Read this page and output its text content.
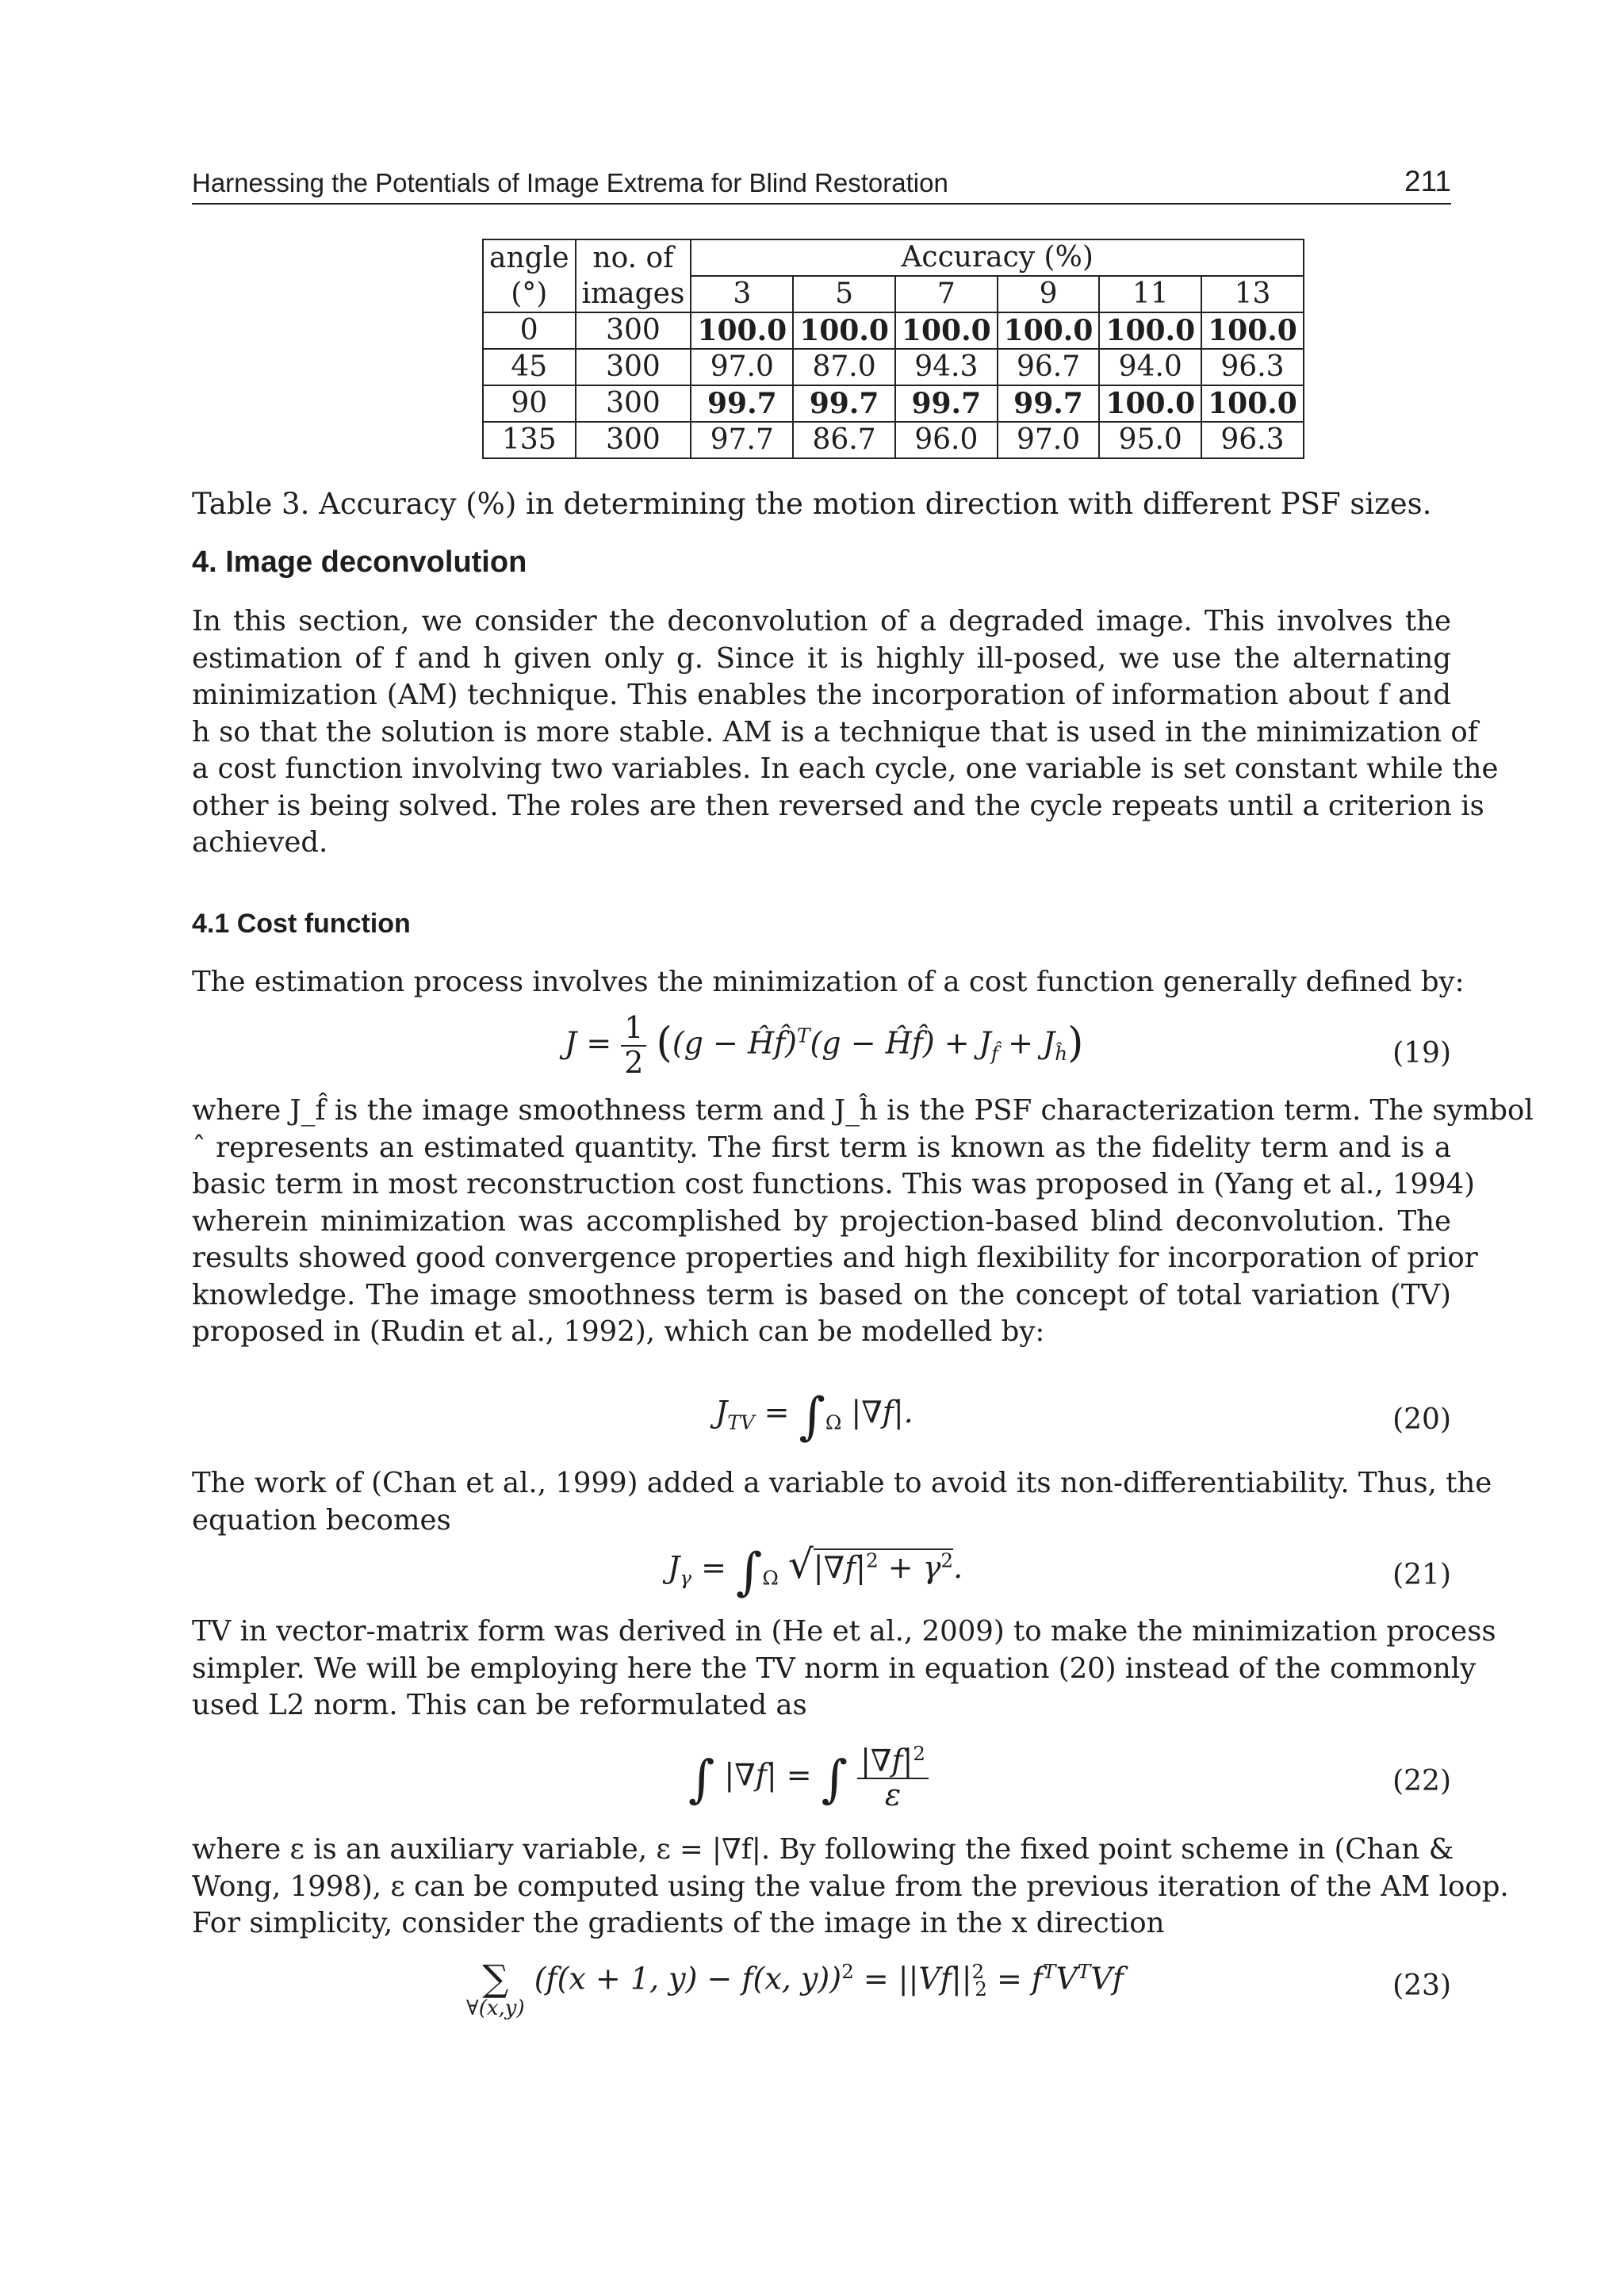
Harnessing the Potentials of Image Extrema for Blind Restoration	211
angle	no. of	Accuracy (%)					
(°)	images	3	5	7	9	11	13
0	300	100.0	100.0	100.0	100.0	100.0	100.0
45	300	97.0	87.0	94.3	96.7	94.0	96.3
90	300	99.7	99.7	99.7	99.7	100.0	100.0
135	300	97.7	86.7	96.0	97.0	95.0	96.3
Table 3. Accuracy (%) in determining the motion direction with different PSF sizes.
4. Image deconvolution
In this section, we consider the deconvolution of a degraded image. This involves the
estimation of f and h given only g. Since it is highly ill-posed, we use the alternating
minimization (AM) technique. This enables the incorporation of information about f and
h so that the solution is more stable. AM is a technique that is used in the minimization of
a cost function involving two variables. In each cycle, one variable is set constant while the
other is being solved. The roles are then reversed and the cycle repeats until a criterion is
achieved.
4.1 Cost function
The estimation process involves the minimization of a cost function generally defined by:
$J = \frac{1}{2} ((g$ − Ĥf̂)$^T$(g − Ĥf̂) + $J_{f̂} + J_ĥ$)	(19)
where J_f̂ is the image smoothness term and J_ĥ is the PSF characterization term. The symbol
ˆ represents an estimated quantity. The first term is known as the fidelity term and is a
basic term in most reconstruction cost functions. This was proposed in (Yang et al., 1994)
wherein minimization was accomplished by projection-based blind deconvolution. The
results showed good convergence properties and high flexibility for incorporation of prior
knowledge. The image smoothness term is based on the concept of total variation (TV)
proposed in (Rudin et al., 1992), which can be modelled by:
$J_{TV} = \int_\Omega$ |∇f|.	(20)
The work of (Chan et al., 1999) added a variable to avoid its non-differentiability. Thus, the
equation becomes
$J_\gamma = \int_\Omega$ $√|\nabla f|^2 + \gamma^2$.	(21)
TV in vector-matrix form was derived in (He et al., 2009) to make the minimization process
simpler. We will be employing here the TV norm in equation (20) instead of the commonly
used L2 norm. This can be reformulated as
∫ |∇f| = ∫ $\frac{|\nabla f|^2}{\varepsilon}$	(22)
where ε is an auxiliary variable, ε = |∇f|. By following the fixed point scheme in (Chan &
Wong, 1998), ε can be computed using the value from the previous iteration of the AM loop.
For simplicity, consider the gradients of the image in the x direction
∑
∀(x,y)
(f(x + 1, y) − f(x, $y))^2 = ||Vf||^2_2 = f^TV^TVf$	(23)
